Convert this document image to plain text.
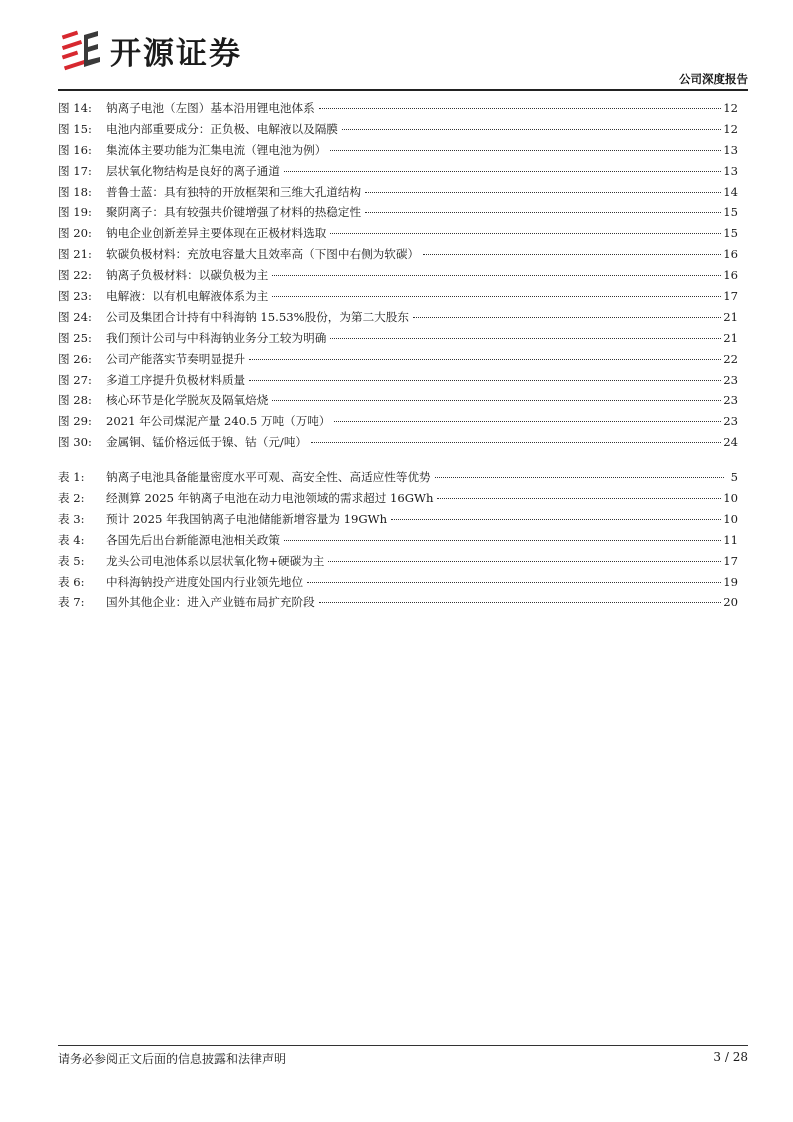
开源证券
公司深度报告
图 14:	钠离子电池（左图）基本沿用锂电池体系	12
图 15:	电池内部重要成分：正负极、电解液以及隔膜	12
图 16:	集流体主要功能为汇集电流（锂电池为例）	13
图 17:	层状氧化物结构是良好的离子通道	13
图 18:	普鲁士蓝：具有独特的开放框架和三维大孔道结构	14
图 19:	聚阴离子：具有较强共价键增强了材料的热稳定性	15
图 20:	钠电企业创新差异主要体现在正极材料选取	15
图 21:	软碳负极材料：充放电容量大且效率高（下图中右侧为软碳）	16
图 22:	钠离子负极材料：以碳负极为主	16
图 23:	电解液：以有机电解液体系为主	17
图 24:	公司及集团合计持有中科海钠 15.53%股份，为第二大股东	21
图 25:	我们预计公司与中科海钠业务分工较为明确	21
图 26:	公司产能落实节奏明显提升	22
图 27:	多道工序提升负极材料质量	23
图 28:	核心环节是化学脱灰及隔氧焙烧	23
图 29:	2021 年公司煤泥产量 240.5 万吨（万吨）	23
图 30:	金属铜、锰价格远低于镍、钴（元/吨）	24
表 1:	钠离子电池具备能量密度水平可观、高安全性、高适应性等优势	5
表 2:	经测算 2025 年钠离子电池在动力电池领域的需求超过 16GWh	10
表 3:	预计 2025 年我国钠离子电池储能新增容量为 19GWh	10
表 4:	各国先后出台新能源电池相关政策	11
表 5:	龙头公司电池体系以层状氧化物+硬碳为主	17
表 6:	中科海钠投产进度处国内行业领先地位	19
表 7:	国外其他企业：进入产业链布局扩充阶段	20
请务必参阅正文后面的信息披露和法律声明	3 / 28
